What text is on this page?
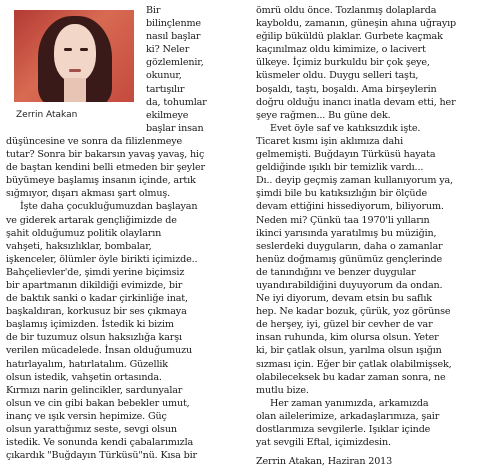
Zerrin Atakan
Bir
bilinçlenme
nasıl başlar
ki? Neler
gözlemlenir,
okunur,
tartışılır
da, tohumlar
ekilmeye
başlar insan
düşüncesine ve sonra da filizlenmeye
tutar? Sonra bir bakarsın yavaş yavaş, hiç
de baştan kendini belli etmeden bir şeyler
büyümeye başlamış insanın içinde, artık
sığmıyor, dışarı akması şart olmuş.
İşte daha çocukluğumuzdan başlayan
ve giderek artarak gençliğimizde de
şahit olduğumuz politik olayların
vahşeti, haksızlıklar, bombalar,
işkenceler, ölümler öyle birikti içimizde..
Bahçelievler'de, şimdi yerine biçimsiz
bir apartmanın dikildiği evimizde, bir
de baktık sanki o kadar çirkinliğe inat,
başkaldıran, korkusuz bir ses çıkmaya
başlamış içimizden. İstedik ki bizim
de bir tuzumuz olsun haksızlığa karşı
verilen mücadelede. İnsan olduğumuzu
hatırlayalım, hatırlatalım. Güzellik
olsun istedik, vahşetin ortasında.
Kırmızı narin gelincikler, sardunyalar
olsun ve cin gibi bakan bebekler umut,
inanç ve ışık versin hepimize. Güç
olsun yarattığımız seste, sevgi olsun
istedik. Ve sonunda kendi çabalarımızla
çıkardık "Buğdayın Türküsü"nü. Kısa bir
ömrü oldu önce. Tozlanmış dolaplarda
kayboldu, zamanın, güneşin ahına uğrayıp
eğilip büküldü plaklar. Gurbete kaçmak
kaçınılmaz oldu kimimize, o lacivert
ülkeye. İçimiz burkuldu bir çok şeye,
küsmeler oldu. Duygu selleri taştı,
boşaldı, taştı, boşaldı. Ama birşeylerin
doğru olduğu inancı inatla devam etti, her
şeye rağmen... Bu güne dek.
Evet öyle saf ve katıksızdık işte.
Ticaret kısmı işin aklımıza dahi
gelmemişti. Buğdayın Türküsü hayata
geldiğinde ışıklı bir temizlik vardı...
Dı.. deyip geçmiş zaman kullanıyorum ya,
şimdi bile bu katıksızlığın bir ölçüde
devam ettiğini hissediyorum, biliyorum.
Neden mi? Çünkü taa 1970'li yılların
ikinci yarısında yaratılmış bu müziğin,
seslerdeki duyguların, daha o zamanlar
henüz doğmamış günümüz gençlerinde
de tanındığını ve benzer duygular
uyandırabildiğini duyuyorum da ondan.
Ne iyi diyorum, devam etsin bu saflık
hep. Ne kadar bozuk, çürük, yoz görünse
de herşey, iyi, güzel bir cevher de var
insan ruhunda, kim olursa olsun. Yeter
ki, bir çatlak olsun, yarılma olsun ışığın
sızması için. Eğer bir çatlak olabilmişsek,
olabileceksek bu kadar zaman sonra, ne
mutlu bize.
Her zaman yanımızda, arkamızda
olan ailelerimize, arkadaşlarımıza, şair
dostlarımıza sevgilerle. Işıklar içinde
yat sevgili Eftal, içimizdesin.
Zerrin Atakan, Haziran 2013
